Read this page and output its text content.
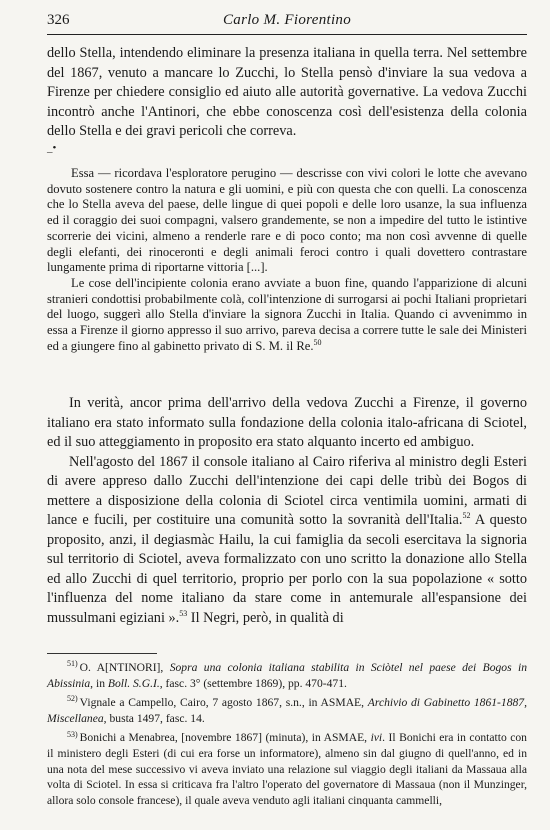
326	Carlo M. Fiorentino

dello Stella, intendendo eliminare la presenza italiana in quella terra. Nel settembre del 1867, venuto a mancare lo Zucchi, lo Stella pensò d'inviare la sua vedova a Firenze per chiedere consiglio ed aiuto alle autorità governative. La vedova Zucchi incontrò anche l'Antinori, che ebbe conoscenza così dell'esistenza della colonia dello Stella e dei gravi pericoli che correva.

_•

Essa — ricordava l'esploratore perugino — descrisse con vivi colori le lotte che avevano dovuto sostenere contro la natura e gli uomini, e più con questa che con quelli. La conoscenza che lo Stella aveva del paese, delle lingue di quei popoli e delle loro usanze, la sua influenza ed il coraggio dei suoi compagni, valsero grandemente, se non a impedire del tutto le istintive scorrerie dei vicini, almeno a renderle rare e di poco conto; ma non così avvenne di quelle degli elefanti, dei rinoceronti e degli animali feroci contro i quali dovettero contrastare lungamente prima di riportarne vittoria [...].

Le cose dell'incipiente colonia erano avviate a buon fine, quando l'apparizione di alcuni stranieri condottisi probabilmente colà, coll'intenzione di surrogarsi ai pochi Italiani proprietari del luogo, suggerì allo Stella d'inviare la signora Zucchi in Italia. Quando ci avvenimmo in essa a Firenze il giorno appresso il suo arrivo, pareva decisa a correre tutte le sale dei Ministeri ed a giungere fino al gabinetto privato di S. M. il Re.$^{50}$

In verità, ancor prima dell'arrivo della vedova Zucchi a Firenze, il governo italiano era stato informato sulla fondazione della colonia italo-africana di Sciotel, ed il suo atteggiamento in proposito era stato alquanto incerto ed ambiguo.

Nell'agosto del 1867 il console italiano al Cairo riferiva al ministro degli Esteri di avere appreso dallo Zucchi dell'intenzione dei capi delle tribù dei Bogos di mettere a disposizione della colonia di Sciotel circa ventimila uomini, armati di lance e fucili, per costituire una comunità sotto la sovranità dell'Italia.$^{52}$ A questo proposito, anzi, il degiasmàc Hailu, la cui famiglia da secoli esercitava la signoria sul territorio di Sciotel, aveva formalizzato con uno scritto la donazione allo Stella ed allo Zucchi di quel territorio, proprio per porlo con la sua popolazione « sotto l'influenza del nome italiano da stare come in antemurale all'espansione dei mussulmani egiziani ».$^{53}$ Il Negri, però, in qualità di

$^{51)}$ O. A[NTINORI], Sopra una colonia italiana stabilita in Sciòtel nel paese dei Bogos in Abissinia, in Boll. S.G.I., fasc. 3° (settembre 1869), pp. 470-471.

$^{52)}$ Vignale a Campello, Cairo, 7 agosto 1867, s.n., in ASMAE, Archivio di Gabinetto 1861-1887, Miscellanea, busta 1497, fasc. 14.

$^{53)}$ Bonichi a Menabrea, [novembre 1867] (minuta), in ASMAE, ivi. Il Bonichi era in contatto con il ministero degli Esteri (di cui era forse un informatore), almeno sin dal giugno di quell'anno, ed in una nota del mese successivo vi aveva inviato una relazione sul viaggio degli italiani da Massaua alla volta di Sciotel. In essa si criticava fra l'altro l'operato del governatore di Massaua (non il Munzinger, allora solo console francese), il quale aveva venduto agli italiani cinquanta cammelli,
